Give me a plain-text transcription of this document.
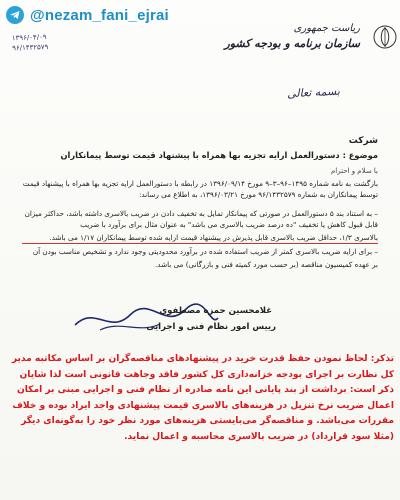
@nezam_fani_ejrai
۱۳۹۶/۰۴/۰۹
۹۶/۱۴۳۲۵۷۹
ریاست جمهوری
سازمان برنامه و بودجه کشور
بسمه تعالی
شرکت
موضوع : دستورالعمل ارایه تجزیه بها همراه با پیشنهاد قیمت توسط پیمانکاران
با سلام و احترام
بازگشت به نامه شماره ۱۴۹۵–۹۶–۳–۹ مورخ ۱۳۹۶/۰۹/۱۴ در رابطه با دستورالعمل ارایه تجزیه بها همراه با پیشنهاد قیمت توسط پیمانکاران به شماره ۹۶/۱۴۳۲۵۷۹ مورخ ۱۳۹۶/۰۳/۲۱، به اطلاع می رساند:

– به استناد بند ۵ دستورالعمل در صورتی که پیمانکار تمایل به تخفیف دادن در ضریب بالاسری داشته باشد، حداکثر میزان قابل قبول کاهش یا تخفیف "ده درصد ضریب بالاسری می باشد" به عنوان مثال برای برآورد با ضریب

بالاسری ۱/۳، حداقل ضریب بالاسری قابل پذیرش در پیشنهاد قیمت ارایه شده توسط پیمانکاران ۱/۱۷ می باشد.

– برای ارایه ضریب بالاسری کمتر از ضریب استفاده شده در برآورد محدودیتی وجود ندارد و تشخیص مناسب بودن آن

بر عهده کمیسیون مناقصه (بر حسب مورد کمیته فنی و بازرگانی) می باشد.

غلامحسین حمزه مصطفوی
رییس امور نظام فنی و اجرایی
تذکر: لحاظ نمودن حفظ قدرت خرید در پیشنهادهای مناقصه‌گران بر اساس مکاتبه مدیر کل نظارت بر اجرای بودجه خزانه‌داری کل کشور فاقد وجاهت قانونی است لذا شایان ذکر است: برداشت از بند پایانی این نامه صادره از نظام فنی و اجرایی مبنی بر امکان اعمال ضریب نرخ تنزیل در هزینه‌های بالاسری قیمت پیشنهادی واجد ایراد بوده و خلاف مقررات می‌باشد. و مناقصه‌گر می‌بایستی هزینه‌های مورد نظر خود را به‌گونه‌ای دیگر (مثلا سود قرارداد) در ضریب بالاسری محاسبه و اعمال نماید.
